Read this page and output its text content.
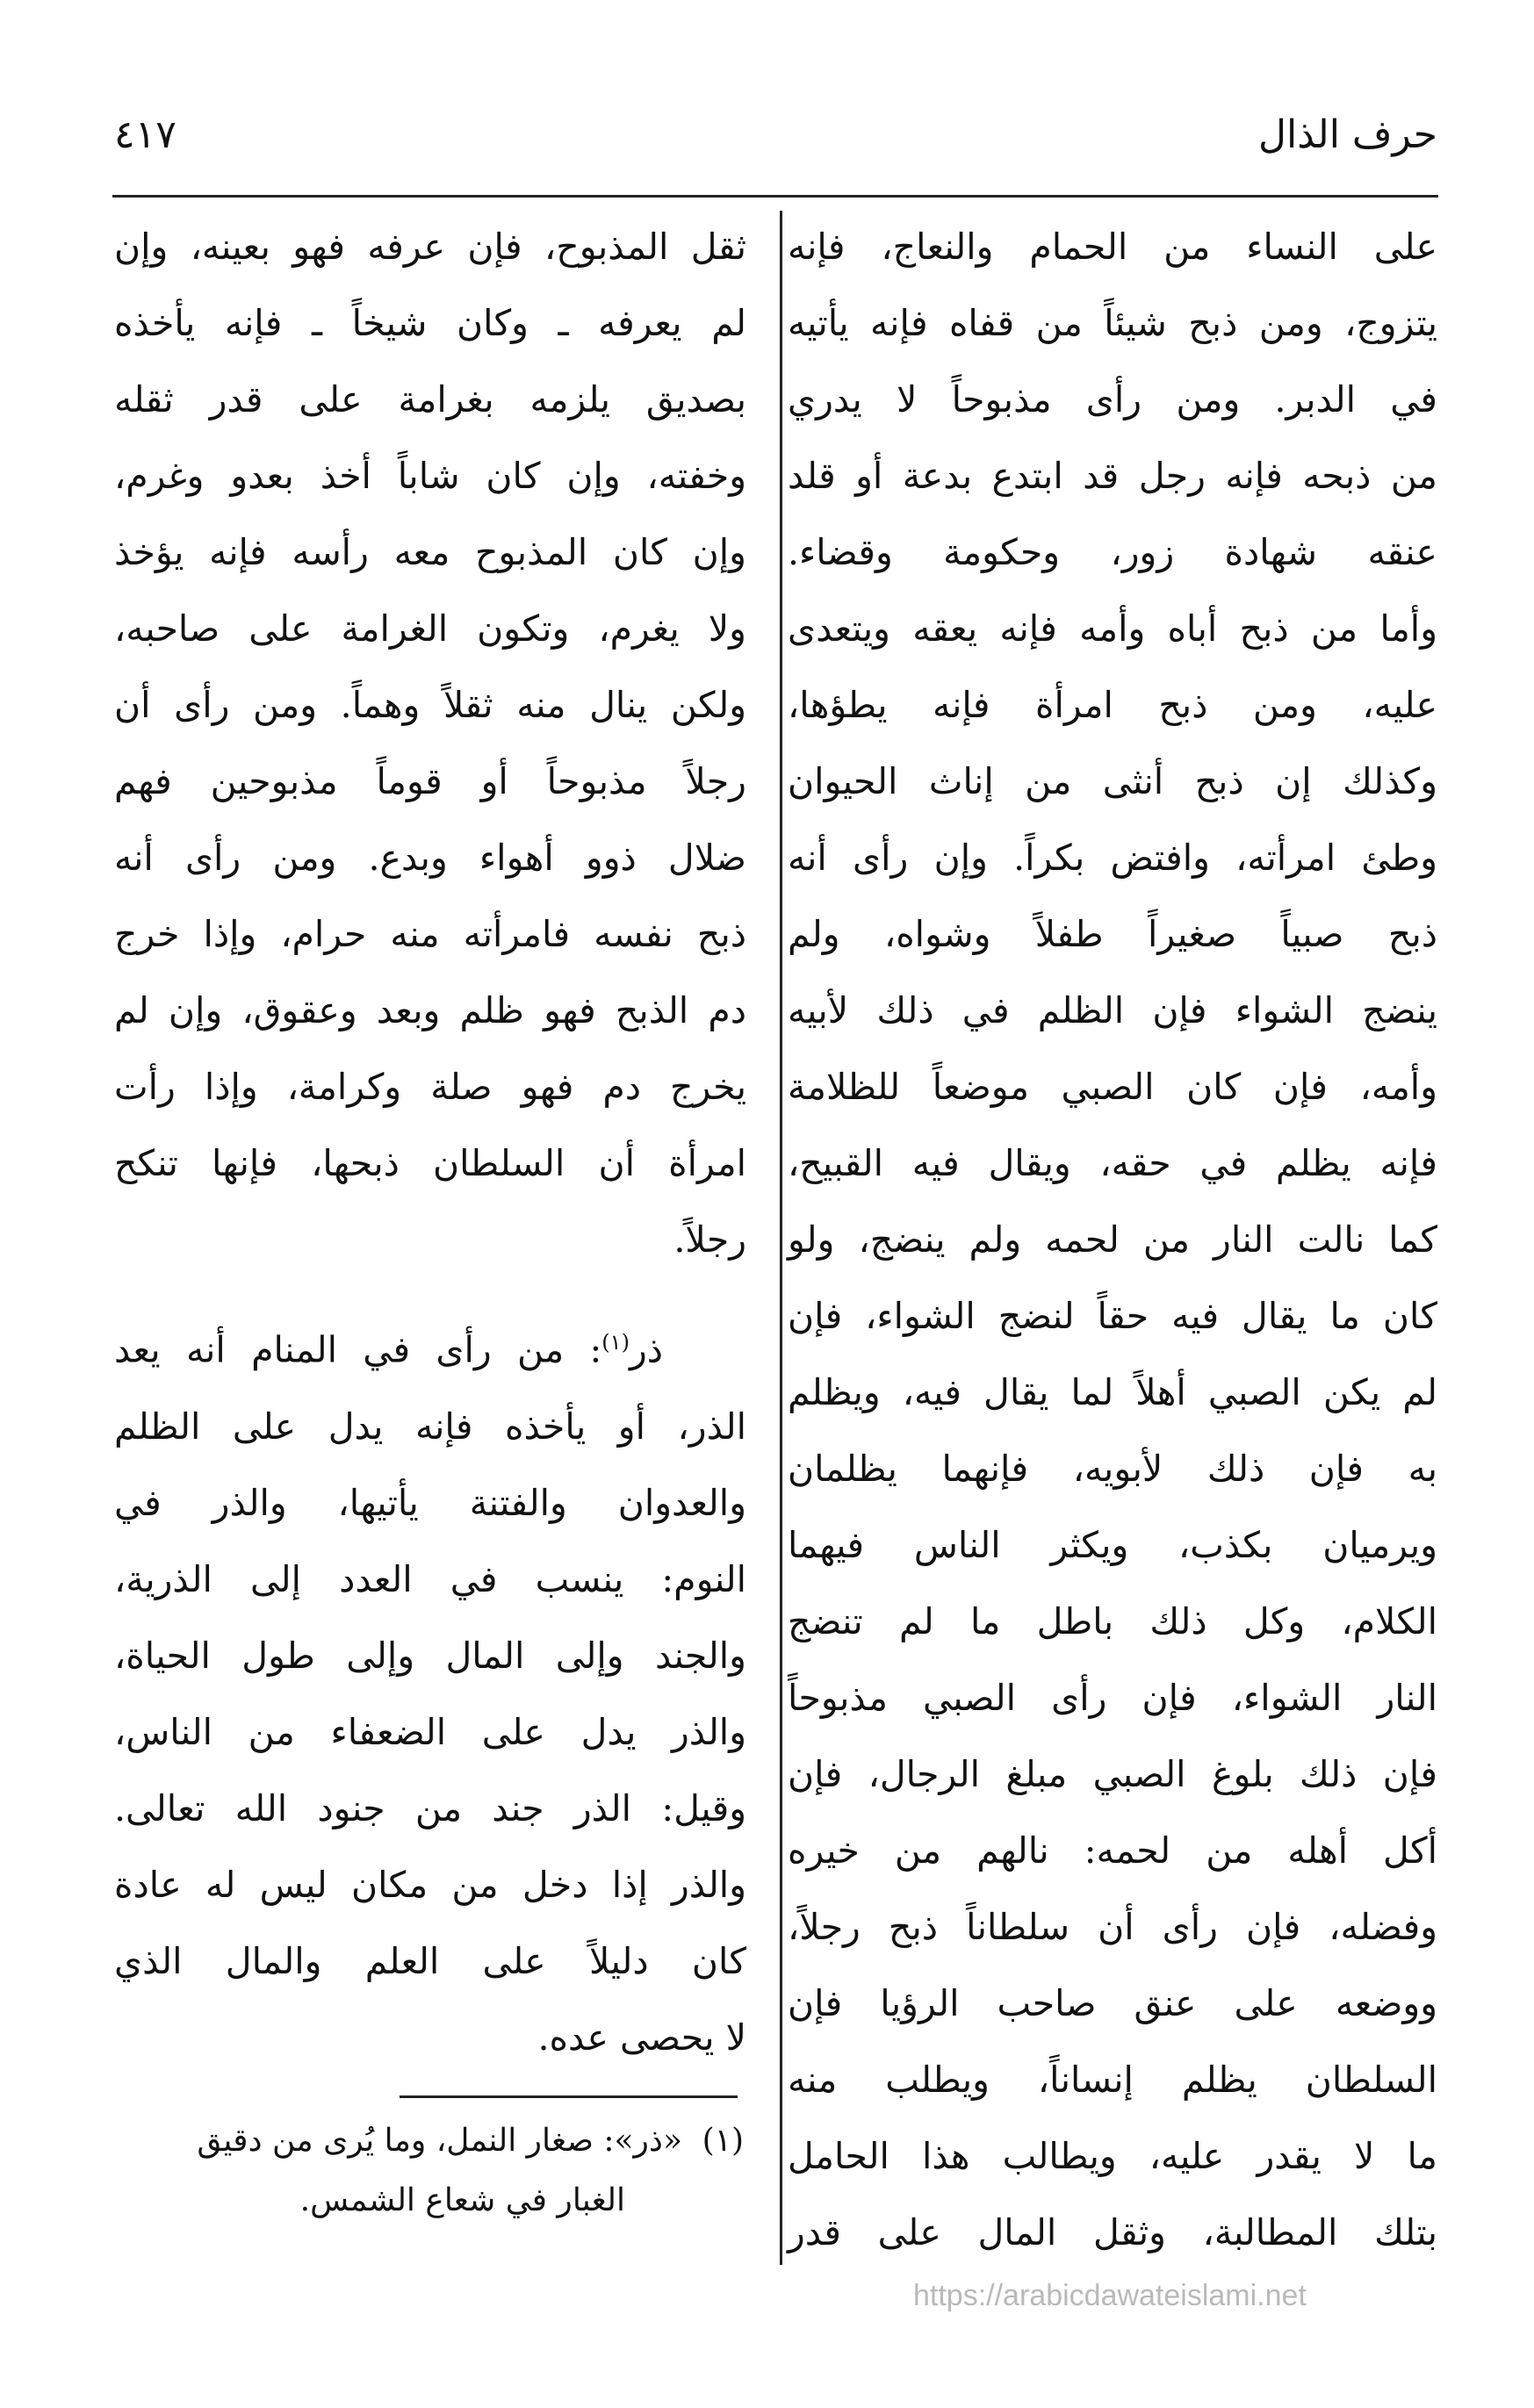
حرف الذال
٤١٧
على النساء من الحمام والنعاج، فإنه
يتزوج، ومن ذبح شيئاً من قفاه فإنه يأتيه
في الدبر. ومن رأى مذبوحاً لا يدري
من ذبحه فإنه رجل قد ابتدع بدعة أو قلد
عنقه شهادة زور، وحكومة وقضاء.
وأما من ذبح أباه وأمه فإنه يعقه ويتعدى
عليه، ومن ذبح امرأة فإنه يطؤها،
وكذلك إن ذبح أنثى من إناث الحيوان
وطئ امرأته، وافتض بكراً. وإن رأى أنه
ذبح صبياً صغيراً طفلاً وشواه، ولم
ينضج الشواء فإن الظلم في ذلك لأبيه
وأمه، فإن كان الصبي موضعاً للظلامة
فإنه يظلم في حقه، ويقال فيه القبيح،
كما نالت النار من لحمه ولم ينضج، ولو
كان ما يقال فيه حقاً لنضج الشواء، فإن
لم يكن الصبي أهلاً لما يقال فيه، ويظلم
به فإن ذلك لأبويه، فإنهما يظلمان
ويرميان بكذب، ويكثر الناس فيهما
الكلام، وكل ذلك باطل ما لم تنضج
النار الشواء، فإن رأى الصبي مذبوحاً
فإن ذلك بلوغ الصبي مبلغ الرجال، فإن
أكل أهله من لحمه: نالهم من خيره
وفضله، فإن رأى أن سلطاناً ذبح رجلاً،
ووضعه على عنق صاحب الرؤيا فإن
السلطان يظلم إنساناً، ويطلب منه
ما لا يقدر عليه، ويطالب هذا الحامل
بتلك المطالبة، وثقل المال على قدر
ثقل المذبوح، فإن عرفه فهو بعينه، وإن
لم يعرفه ـ وكان شيخاً ـ فإنه يأخذه
بصديق يلزمه بغرامة على قدر ثقله
وخفته، وإن كان شاباً أخذ بعدو وغرم،
وإن كان المذبوح معه رأسه فإنه يؤخذ
ولا يغرم، وتكون الغرامة على صاحبه،
ولكن ينال منه ثقلاً وهماً. ومن رأى أن
رجلاً مذبوحاً أو قوماً مذبوحين فهم
ضلال ذوو أهواء وبدع. ومن رأى أنه
ذبح نفسه فامرأته منه حرام، وإذا خرج
دم الذبح فهو ظلم وبعد وعقوق، وإن لم
يخرج دم فهو صلة وكرامة، وإذا رأت
امرأة أن السلطان ذبحها، فإنها تنكح
رجلاً.
ذر$^{(١)}$: من رأى في المنام أنه يعد
الذر، أو يأخذه فإنه يدل على الظلم
والعدوان والفتنة يأتيها، والذر في
النوم: ينسب في العدد إلى الذرية،
والجند وإلى المال وإلى طول الحياة،
والذر يدل على الضعفاء من الناس،
وقيل: الذر جند من جنود الله تعالى.
والذر إذا دخل من مكان ليس له عادة
كان دليلاً على العلم والمال الذي
لا يحصى عده.
(١)«ذر»: صغار النمل، وما يُرى من دقيق
الغبار في شعاع الشمس.
https://arabicdawateislami.net
